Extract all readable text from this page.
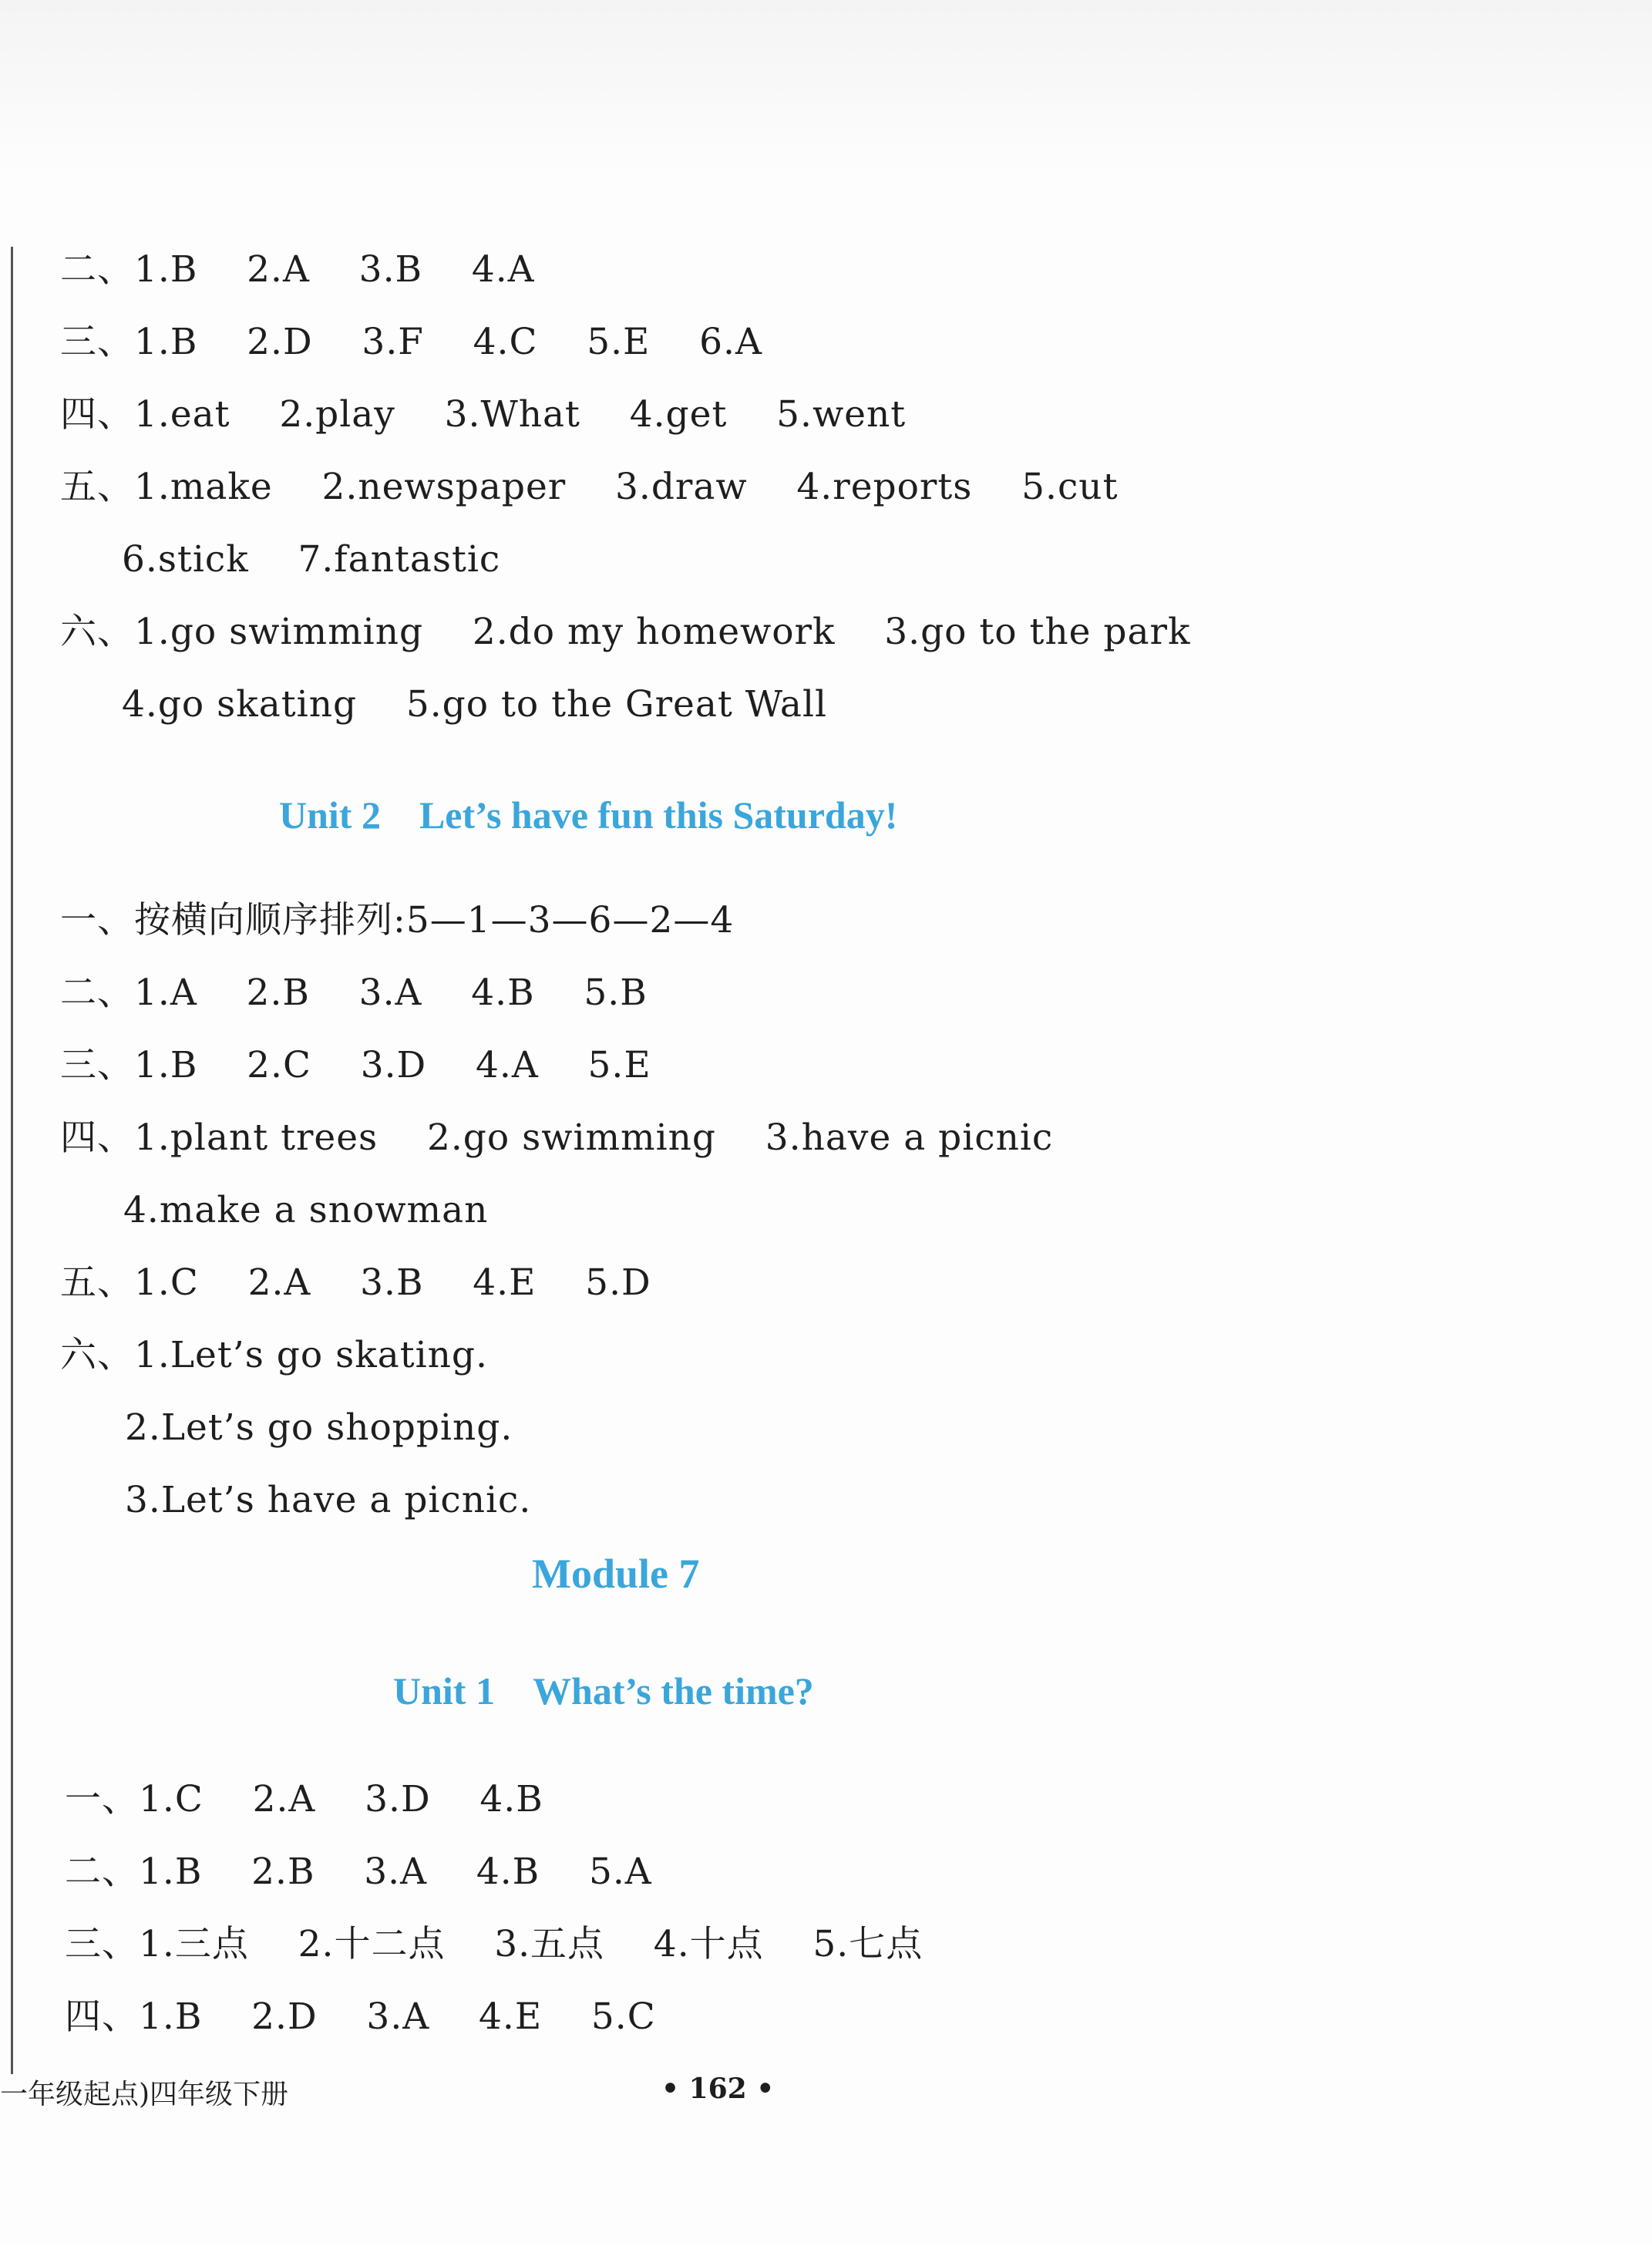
二、1.B    2.A    3.B    4.A
三、1.B    2.D    3.F    4.C    5.E    6.A
四、1.eat    2.play    3.What    4.get    5.went
五、1.make    2.newspaper    3.draw    4.reports    5.cut
6.stick    7.fantastic
六、1.go swimming    2.do my homework    3.go to the park
4.go skating    5.go to the Great Wall
Unit 2    Let’s have fun this Saturday!
一、按横向顺序排列:5—1—3—6—2—4
二、1.A    2.B    3.A    4.B    5.B
三、1.B    2.C    3.D    4.A    5.E
四、1.plant trees    2.go swimming    3.have a picnic
4.make a snowman
五、1.C    2.A    3.B    4.E    5.D
六、1.Let’s go skating.
2.Let’s go shopping.
3.Let’s have a picnic.
Module 7
Unit 1    What’s the time?
一、1.C    2.A    3.D    4.B
二、1.B    2.B    3.A    4.B    5.A
三、1.三点    2.十二点    3.五点    4.十点    5.七点
四、1.B    2.D    3.A    4.E    5.C
一年级起点)四年级下册	• 162 •
